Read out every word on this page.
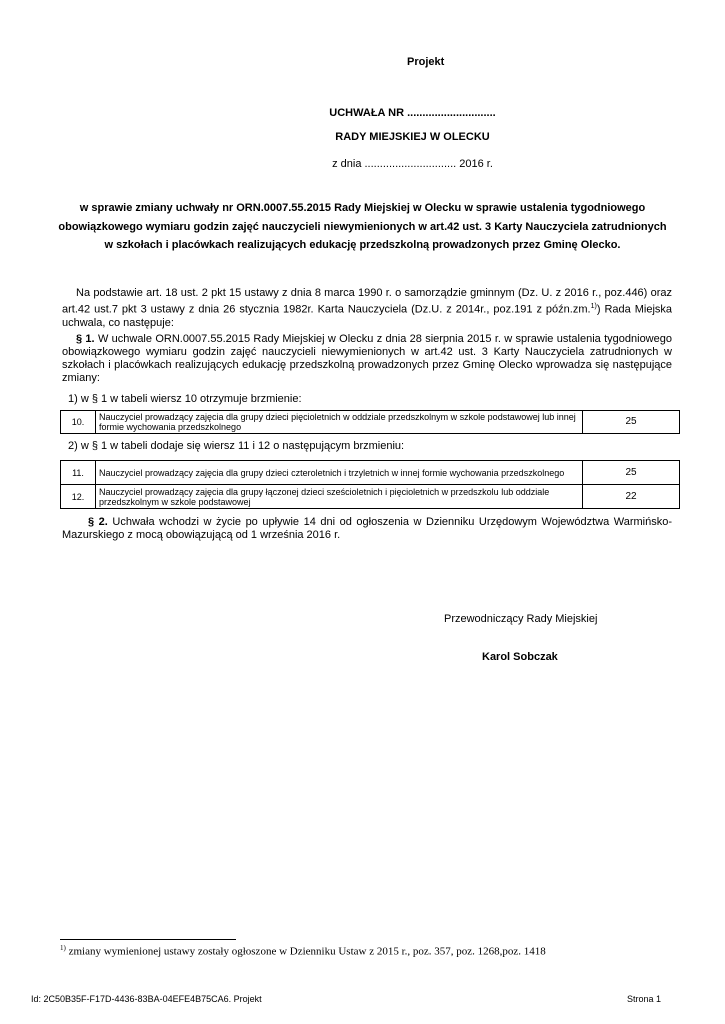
Projekt
UCHWAŁA NR .............................
RADY MIEJSKIEJ W OLECKU
z dnia .............................. 2016 r.
w sprawie zmiany uchwały nr ORN.0007.55.2015 Rady Miejskiej w Olecku w sprawie ustalenia tygodniowego
obowiązkowego wymiaru godzin zajęć nauczycieli niewymienionych w art.42 ust. 3 Karty Nauczyciela zatrudnionych
w szkołach i placówkach realizujących edukację przedszkolną prowadzonych przez Gminę Olecko.
Na podstawie art. 18 ust. 2 pkt 15 ustawy z dnia 8 marca 1990 r. o samorządzie gminnym (Dz. U. z 2016 r., poz.446) oraz art.42 ust.7 pkt 3 ustawy z dnia 26 stycznia 1982r. Karta Nauczyciela (Dz.U. z 2014r., poz.191 z późn.zm.$^{1)}$) Rada Miejska uchwala, co następuje:
§ 1. W uchwale ORN.0007.55.2015 Rady Miejskiej w Olecku z dnia 28 sierpnia 2015 r. w sprawie ustalenia tygodniowego obowiązkowego wymiaru godzin zajęć nauczycieli niewymienionych w art.42 ust. 3 Karty Nauczyciela zatrudnionych w szkołach i placówkach realizujących edukację przedszkolną prowadzonych przez Gminę Olecko wprowadza się następujące zmiany:
1) w § 1 w tabeli wiersz 10 otrzymuje brzmienie:
10.	Nauczyciel prowadzący zajęcia dla grupy dzieci pięcioletnich w oddziale przedszkolnym w szkole podstawowej lub innej formie wychowania przedszkolnego	25
2) w § 1 w tabeli dodaje się wiersz 11 i 12 o następującym brzmieniu:
11.	Nauczyciel prowadzący zajęcia dla grupy dzieci czteroletnich i trzyletnich w innej formie wychowania przedszkolnego	25
12.	Nauczyciel prowadzący zajęcia dla grupy łączonej dzieci sześcioletnich i pięcioletnich w przedszkolu lub oddziale przedszkolnym w szkole podstawowej	22
§ 2. Uchwała wchodzi w życie po upływie 14 dni od ogłoszenia w Dzienniku Urzędowym Województwa Warmińsko-Mazurskiego z mocą obowiązującą od 1 września 2016 r.
Przewodniczący Rady Miejskiej
Karol Sobczak
$^{1)}$ zmiany wymienionej ustawy zostały ogłoszone w Dzienniku Ustaw z 2015 r., poz. 357, poz. 1268,poz. 1418
Id: 2C50B35F-F17D-4436-83BA-04EFE4B75CA6. Projekt	Strona 1
